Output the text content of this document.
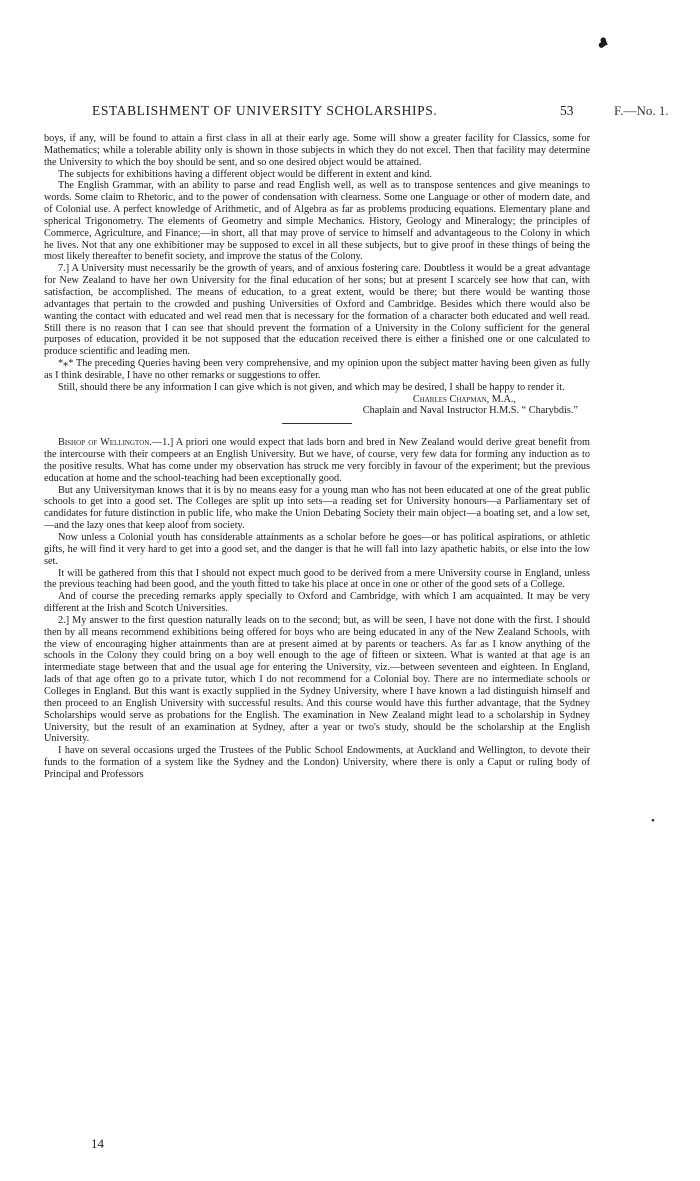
❥
ESTABLISHMENT OF UNIVERSITY SCHOLARSHIPS.	53	F.—No. 1.

boys, if any, will be found to attain a first class in all at their early age. Some will show a greater facility for Classics, some for Mathematics; while a tolerable ability only is shown in those subjects in which they do not excel. Then that facility may determine the University to which the boy should be sent, and so one desired object would be attained.

The subjects for exhibitions having a different object would be different in extent and kind.

The English Grammar, with an ability to parse and read English well, as well as to transpose sentences and give meanings to words. Some claim to Rhetoric, and to the power of condensation with clearness. Some one Language or other of modern date, and of Colonial use. A perfect knowledge of Arithmetic, and of Algebra as far as problems producing equations. Elementary plane and spherical Trigonometry. The elements of Geometry and simple Mechanics. History, Geology and Mineralogy; the principles of Commerce, Agriculture, and Finance;—in short, all that may prove of service to himself and advantageous to the Colony in which he lives. Not that any one exhibitioner may be supposed to excel in all these subjects, but to give proof in these things of being the most likely thereafter to benefit society, and improve the status of the Colony.

7.] A University must necessarily be the growth of years, and of anxious fostering care. Doubtless it would be a great advantage for New Zealand to have her own University for the final education of her sons; but at present I scarcely see how that can, with satisfaction, be accomplished. The means of education, to a great extent, would be there; but there would be wanting those advantages that pertain to the crowded and pushing Universities of Oxford and Cambridge. Besides which there would also be wanting the contact with educated and wel read men that is necessary for the formation of a character both educated and well read. Still there is no reason that I can see that should prevent the formation of a University in the Colony sufficient for the general purposes of education, provided it be not supposed that the education received there is either a finished one or one calculated to produce scientific and leading men.

*⁎* The preceding Queries having been very comprehensive, and my opinion upon the subject matter having been given as fully as I think desirable, I have no other remarks or suggestions to offer.

Still, should there be any information I can give which is not given, and which may be desired, I shall be happy to render it.

Charles Chapman, M.A.,

Chaplain and Naval Instructor H.M.S. “ Charybdis.”

Bishop of Wellington.—1.] A priori one would expect that lads born and bred in New Zealand would derive great benefit from the intercourse with their compeers at an English University. But we have, of course, very few data for forming any induction as to the positive results. What has come under my observation has struck me very forcibly in favour of the experiment; but the previous education at home and the school-teaching had been exceptionally good.

But any Universityman knows that it is by no means easy for a young man who has not been educated at one of the great public schools to get into a good set. The Colleges are split up into sets—a reading set for University honours—a Parliamentary set of candidates for future distinction in public life, who make the Union Debating Society their main object—a boating set, and a low set,—and the lazy ones that keep aloof from society.

Now unless a Colonial youth has considerable attainments as a scholar before he goes—or has political aspirations, or athletic gifts, he will find it very hard to get into a good set, and the danger is that he will fall into lazy apathetic habits, or else into the low set.

It will be gathered from this that I should not expect much good to be derived from a mere University course in England, unless the previous teaching had been good, and the youth fitted to take his place at once in one or other of the good sets of a College.

And of course the preceding remarks apply specially to Oxford and Cambridge, with which I am acquainted. It may be very different at the Irish and Scotch Universities.

2.] My answer to the first question naturally leads on to the second; but, as will be seen, I have not done with the first. I should then by all means recommend exhibitions being offered for boys who are being educated in any of the New Zealand Schools, with the view of encouraging higher attainments than are at present aimed at by parents or teachers. As far as I know anything of the schools in the Colony they could bring on a boy well enough to the age of fifteen or sixteen. What is wanted at that age is an intermediate stage between that and the usual age for entering the University, viz.—between seventeen and eighteen. In England, lads of that age often go to a private tutor, which I do not recommend for a Colonial boy. There are no intermediate schools or Colleges in England. But this want is exactly supplied in the Sydney University, where I have known a lad distinguish himself and then proceed to an English University with successful results. And this course would have this further advantage, that the Sydney Scholarships would serve as probations for the English. The examination in New Zealand might lead to a scholarship in Sydney University, but the result of an examination at Sydney, after a year or two's study, should be the scholarship at the English University.

I have on several occasions urged the Trustees of the Public School Endowments, at Auckland and Wellington, to devote their funds to the formation of a system like the Sydney and the London) University, where there is only a Caput or ruling body of Principal and Professors

•
14
